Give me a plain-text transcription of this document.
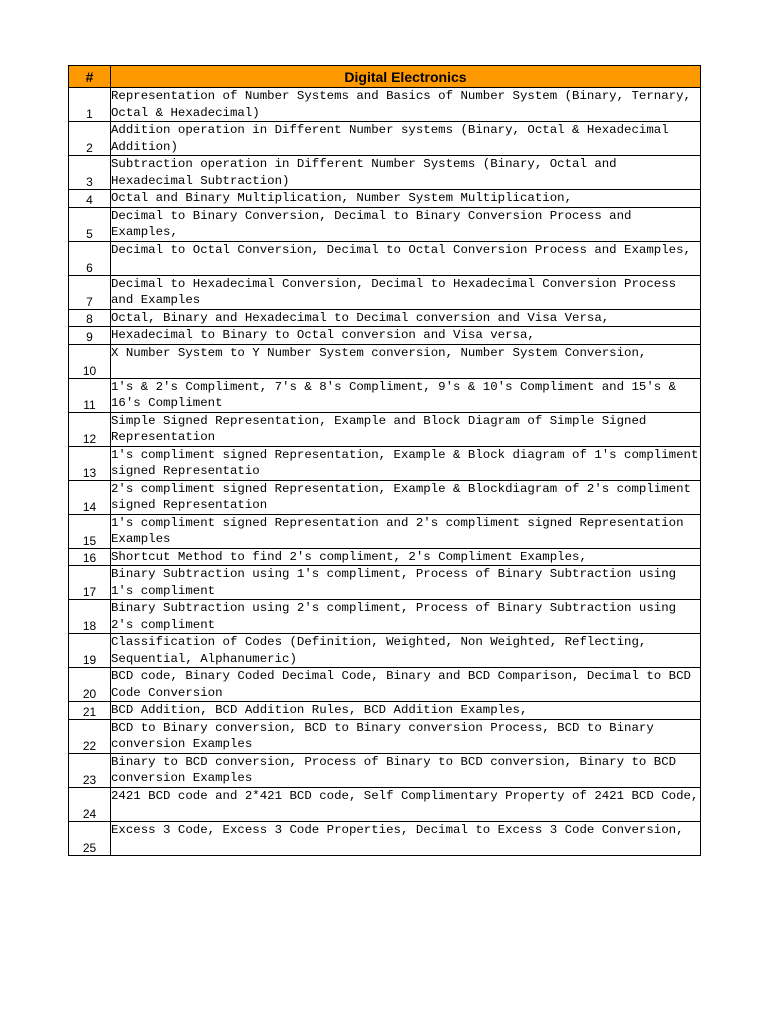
#	Digital Electronics
1	Representation of Number Systems and Basics of Number System (Binary, Ternary, Octal & Hexadecimal)
2	Addition operation in Different Number systems (Binary, Octal & Hexadecimal Addition)
3	Subtraction operation in Different Number Systems (Binary, Octal and Hexadecimal Subtraction)
4	Octal and Binary Multiplication, Number System Multiplication,
5	Decimal to Binary Conversion, Decimal to Binary Conversion Process and Examples,
6	Decimal to Octal Conversion, Decimal to Octal Conversion Process and Examples,
7	Decimal to Hexadecimal Conversion, Decimal to Hexadecimal Conversion Process and Examples
8	Octal, Binary and Hexadecimal to Decimal conversion and Visa Versa,
9	Hexadecimal to Binary to Octal conversion and Visa versa,
10	X Number System to Y Number System conversion, Number System Conversion,
11	1's & 2's Compliment, 7's & 8's Compliment, 9's & 10's Compliment and 15's & 16's Compliment
12	Simple Signed Representation, Example and Block Diagram of Simple Signed Representation
13	1's compliment signed Representation, Example & Block diagram of 1's compliment signed Representatio
14	2's compliment signed Representation, Example & Blockdiagram of 2's compliment signed Representation
15	1's compliment signed Representation and 2's compliment signed Representation Examples
16	Shortcut Method to find 2's compliment, 2's Compliment Examples,
17	Binary Subtraction using 1's compliment, Process of Binary Subtraction using 1's compliment
18	Binary Subtraction using 2's compliment, Process of Binary Subtraction using 2's compliment
19	Classification of Codes (Definition, Weighted, Non Weighted, Reflecting, Sequential, Alphanumeric)
20	BCD code, Binary Coded Decimal Code, Binary and BCD Comparison, Decimal to BCD Code Conversion
21	BCD Addition, BCD Addition Rules, BCD Addition Examples,
22	BCD to Binary conversion, BCD to Binary conversion Process, BCD to Binary conversion Examples
23	Binary to BCD conversion, Process of Binary to BCD conversion, Binary to BCD conversion Examples
24	2421 BCD code and 2*421 BCD code, Self Complimentary Property of 2421 BCD Code,
25	Excess 3 Code, Excess 3 Code Properties, Decimal to Excess 3 Code Conversion,
